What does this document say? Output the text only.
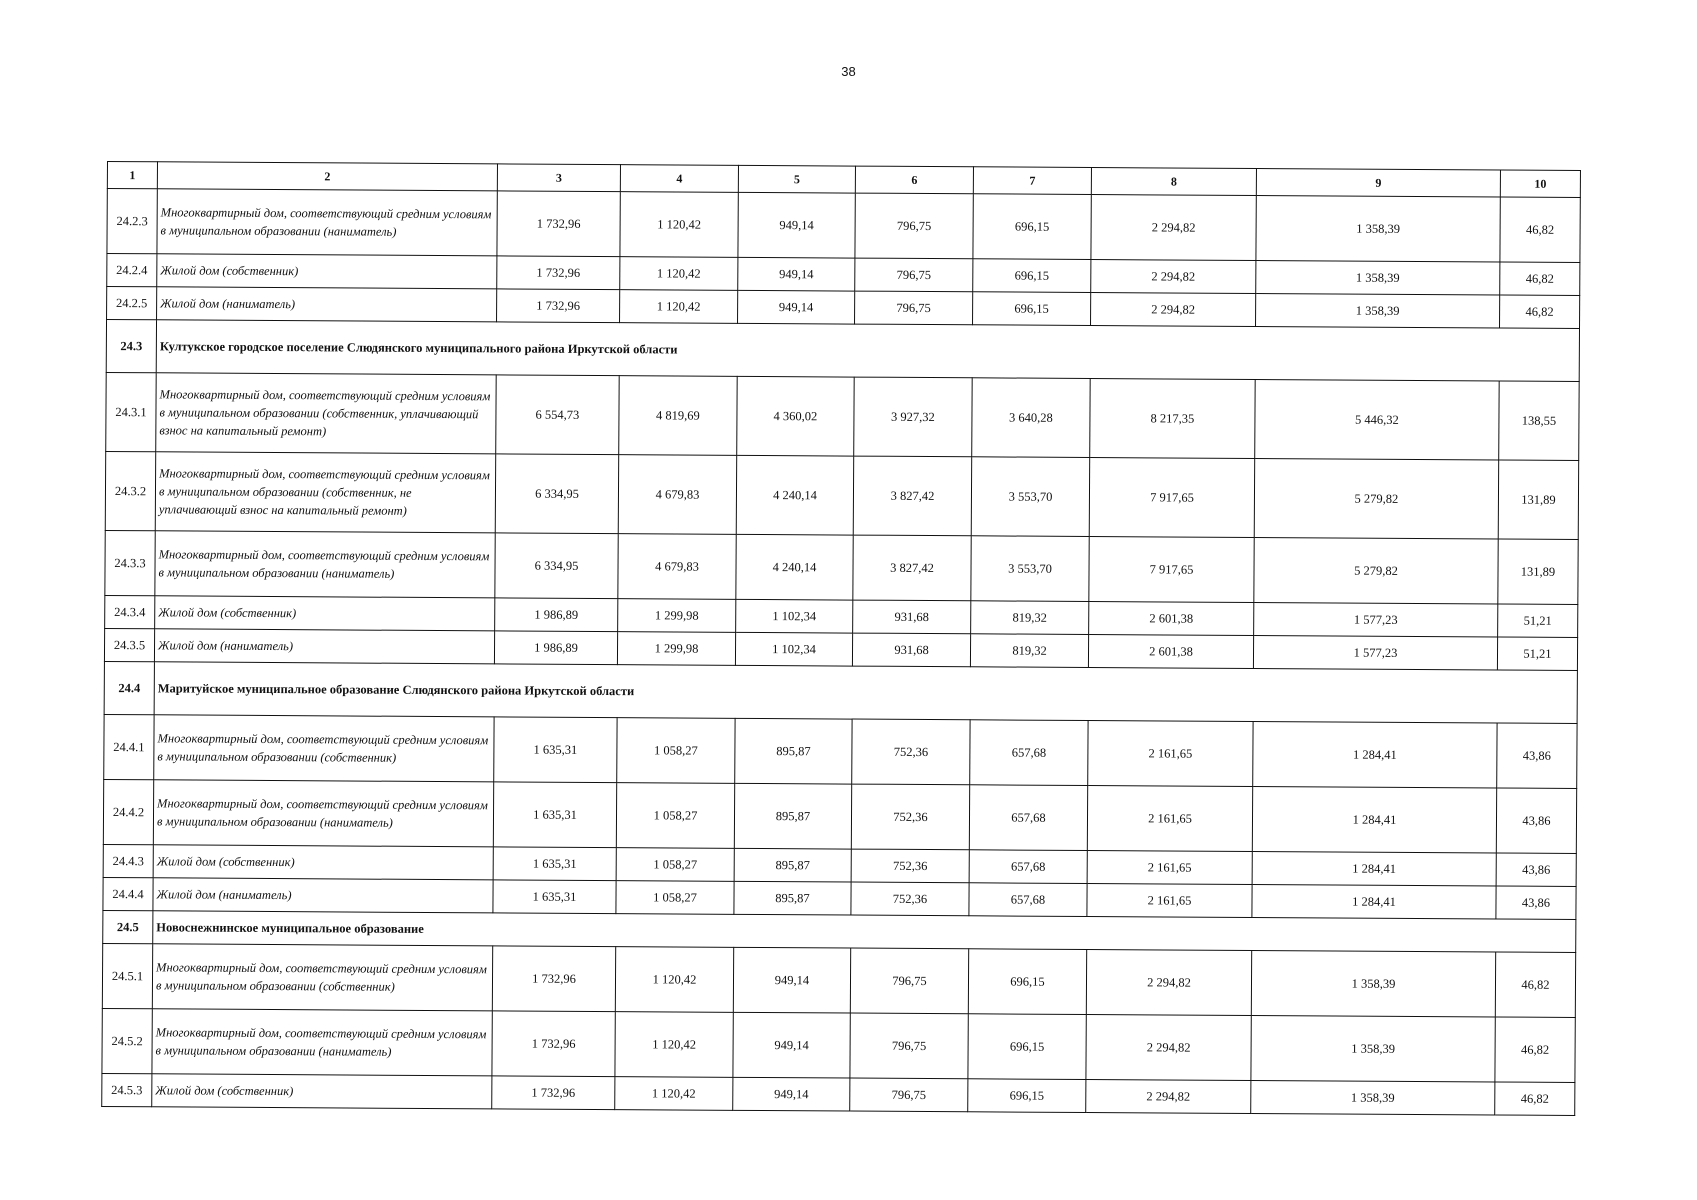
38
1	2	3	4	5	6	7	8	9	10
24.2.3	Многоквартирный дом, соответствующий средним условиям в муниципальном образовании (наниматель)	1 732,96	1 120,42	949,14	796,75	696,15	2 294,82	1 358,39	46,82
24.2.4	Жилой дом (собственник)	1 732,96	1 120,42	949,14	796,75	696,15	2 294,82	1 358,39	46,82
24.2.5	Жилой дом (наниматель)	1 732,96	1 120,42	949,14	796,75	696,15	2 294,82	1 358,39	46,82
24.3	Култукское городское поселение Слюдянского муниципального района Иркутской области								
24.3.1	Многоквартирный дом, соответствующий средним условиям в муниципальном образовании (собственник, уплачивающий взнос на капитальный ремонт)	6 554,73	4 819,69	4 360,02	3 927,32	3 640,28	8 217,35	5 446,32	138,55
24.3.2	Многоквартирный дом, соответствующий средним условиям в муниципальном образовании (собственник, не уплачивающий взнос на капитальный ремонт)	6 334,95	4 679,83	4 240,14	3 827,42	3 553,70	7 917,65	5 279,82	131,89
24.3.3	Многоквартирный дом, соответствующий средним условиям в муниципальном образовании (наниматель)	6 334,95	4 679,83	4 240,14	3 827,42	3 553,70	7 917,65	5 279,82	131,89
24.3.4	Жилой дом (собственник)	1 986,89	1 299,98	1 102,34	931,68	819,32	2 601,38	1 577,23	51,21
24.3.5	Жилой дом (наниматель)	1 986,89	1 299,98	1 102,34	931,68	819,32	2 601,38	1 577,23	51,21
24.4	Маритуйское муниципальное образование Слюдянского района Иркутской области								
24.4.1	Многоквартирный дом, соответствующий средним условиям в муниципальном образовании (собственник)	1 635,31	1 058,27	895,87	752,36	657,68	2 161,65	1 284,41	43,86
24.4.2	Многоквартирный дом, соответствующий средним условиям в муниципальном образовании (наниматель)	1 635,31	1 058,27	895,87	752,36	657,68	2 161,65	1 284,41	43,86
24.4.3	Жилой дом (собственник)	1 635,31	1 058,27	895,87	752,36	657,68	2 161,65	1 284,41	43,86
24.4.4	Жилой дом (наниматель)	1 635,31	1 058,27	895,87	752,36	657,68	2 161,65	1 284,41	43,86
24.5	Новоснежнинское муниципальное образование								
24.5.1	Многоквартирный дом, соответствующий средним условиям в муниципальном образовании (собственник)	1 732,96	1 120,42	949,14	796,75	696,15	2 294,82	1 358,39	46,82
24.5.2	Многоквартирный дом, соответствующий средним условиям в муниципальном образовании (наниматель)	1 732,96	1 120,42	949,14	796,75	696,15	2 294,82	1 358,39	46,82
24.5.3	Жилой дом (собственник)	1 732,96	1 120,42	949,14	796,75	696,15	2 294,82	1 358,39	46,82
